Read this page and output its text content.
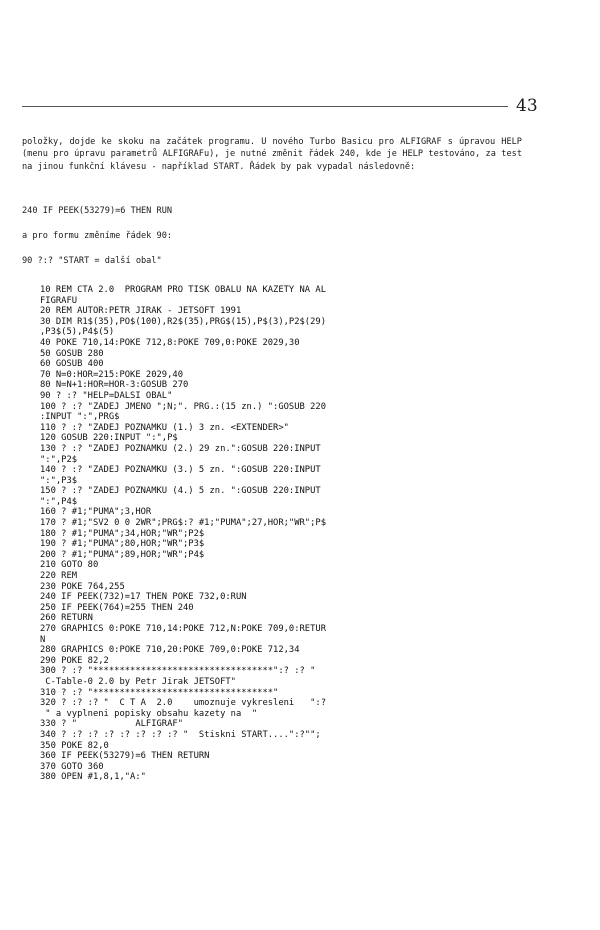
43

položky, dojde ke skoku na začátek programu. U nového Turbo Basicu pro ALFIGRAF s úpravou HELP (menu pro úpravu parametrů ALFIGRAFu), je nutné změnit řádek 240, kde je HELP testováno, za test na jinou funkční klávesu - například START. Řádek by pak vypadal následovně:

240 IF PEEK(53279)=6 THEN RUN
a pro formu změníme řádek 90:
90 ?:? "START = další obal"
10 REM CTA 2.0  PROGRAM PRO TISK OBALU NA KAZETY NA AL
FIGRAFU
20 REM AUTOR:PETR JIRAK - JETSOFT 1991
30 DIM R1$(35),PO$(100),R2$(35),PRG$(15),P$(3),P2$(29)
,P3$(5),P4$(5)
40 POKE 710,14:POKE 712,8:POKE 709,0:POKE 2029,30
50 GOSUB 280
60 GOSUB 400
70 N=0:HOR=215:POKE 2029,40
80 N=N+1:HOR=HOR-3:GOSUB 270
90 ? :? "HELP=DALSI OBAL"
100 ? :? "ZADEJ JMENO ";N;". PRG.:(15 zn.) ":GOSUB 220
:INPUT ":",PRG$
110 ? :? "ZADEJ POZNAMKU (1.) 3 zn. <EXTENDER>"
120 GOSUB 220:INPUT ":",P$
130 ? :? "ZADEJ POZNAMKU (2.) 29 zn.":GOSUB 220:INPUT
":",P2$
140 ? :? "ZADEJ POZNAMKU (3.) 5 zn. ":GOSUB 220:INPUT
":",P3$
150 ? :? "ZADEJ POZNAMKU (4.) 5 zn. ":GOSUB 220:INPUT
":",P4$
160 ? #1;"PUMA";3,HOR
170 ? #1;"SV2 0 0 2WR";PRG$:? #1;"PUMA";27,HOR;"WR";P$
180 ? #1;"PUMA";34,HOR;"WR";P2$
190 ? #1;"PUMA";80,HOR;"WR";P3$
200 ? #1;"PUMA";89,HOR;"WR";P4$
210 GOTO 80
220 REM
230 POKE 764,255
240 IF PEEK(732)=17 THEN POKE 732,0:RUN
250 IF PEEK(764)=255 THEN 240
260 RETURN
270 GRAPHICS 0:POKE 710,14:POKE 712,N:POKE 709,0:RETUR
N
280 GRAPHICS 0:POKE 710,20:POKE 709,0:POKE 712,34
290 POKE 82,2
300 ? :? "**********************************":? :? "
C-Table-0 2.0 by Petr Jirak JETSOFT"
310 ? :? "**********************************"
320 ? :? :? "  C T A  2.0    umoznuje vykresleni   ":?
" a vyplneni popisky obsahu kazety na  "
330 ? "           ALFIGRAF"
340 ? :? :? :? :? :? :? :? "  Stiskni START....":?"";
350 POKE 82,0
360 IF PEEK(53279)=6 THEN RETURN
370 GOTO 360
380 OPEN #1,8,1,"A:"
